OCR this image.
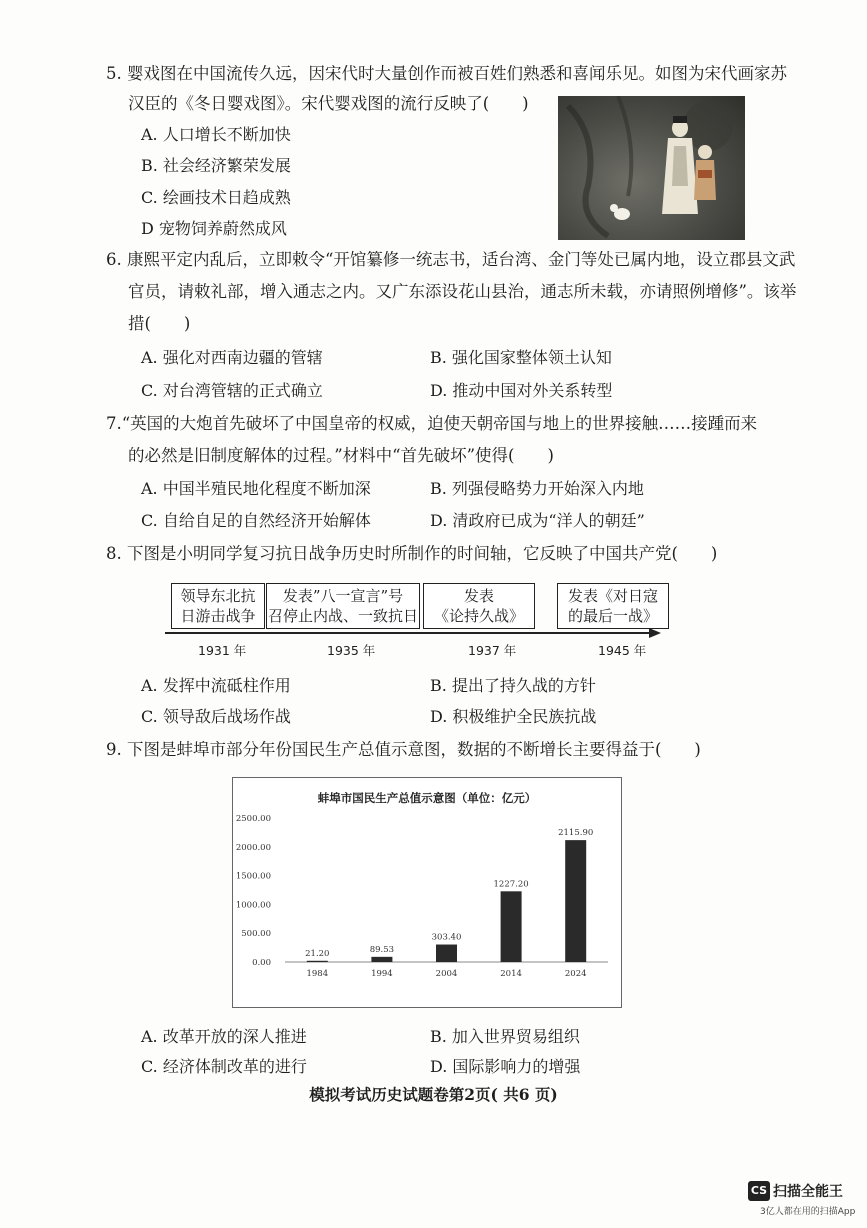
5. 婴戏图在中国流传久远，因宋代时大量创作而被百姓们熟悉和喜闻乐见。如图为宋代画家苏
汉臣的《冬日婴戏图》。宋代婴戏图的流行反映了(　　)
A. 人口增长不断加快
B. 社会经济繁荣发展
C. 绘画技术日趋成熟
D 宠物饲养蔚然成风
6. 康熙平定内乱后，立即敕令“开馆纂修一统志书，适台湾、金门等处已属内地，设立郡县文武
官员，请敕礼部，增入通志之内。又广东添设花山县治，通志所未载，亦请照例增修”。该举
措(　　)
A. 强化对西南边疆的管辖	B. 强化国家整体领土认知
C. 对台湾管辖的正式确立	D. 推动中国对外关系转型
7.“英国的大炮首先破坏了中国皇帝的权威，迫使天朝帝国与地上的世界接触……接踵而来
的必然是旧制度解体的过程。”材料中“首先破坏”使得(　　)
A. 中国半殖民地化程度不断加深	B. 列强侵略势力开始深入内地
C. 自给自足的自然经济开始解体	D. 清政府已成为“洋人的朝廷”
8. 下图是小明同学复习抗日战争历史时所制作的时间轴，它反映了中国共产党(　　)
领导东北抗
日游击战争
发表”八一宣言”号
召停止内战、一致抗日
发表
《论持久战》
发表《对日寇
的最后一战》
1931 年	1935 年	1937 年	1945 年
A. 发挥中流砥柱作用	B. 提出了持久战的方针
C. 领导敌后战场作战	D. 积极维护全民族抗战
9. 下图是蚌埠市部分年份国民生产总值示意图，数据的不断增长主要得益于(　　)
蚌埠市国民生产总值示意图（单位：亿元）
0.00
500.00
1000.00
1500.00
2000.00
2500.00
21.20
1984
89.53
1994
303.40
2004
1227.20
2014
2115.90
2024
A. 改革开放的深人推进	B. 加入世界贸易组织
C. 经济体制改革的进行	D. 国际影响力的增强
模拟考试历史试题卷第2页( 共6 页)
CS 扫描全能王
3亿人都在用的扫描App
